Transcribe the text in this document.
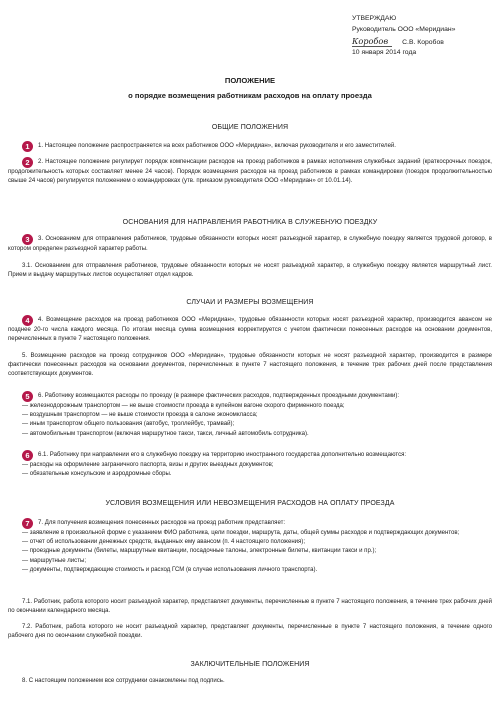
УТВЕРЖДАЮ
Руководитель ООО «Меридиан»
Коробов	С.В. Коробов
10 января 2014 года
ПОЛОЖЕНИЕ
о порядке возмещения работникам расходов на оплату проезда
ОБЩИЕ ПОЛОЖЕНИЯ
1 1. Настоящее положение распространяется на всех работников ООО «Меридиан», включая руководителя и его заместителей.
2 2. Настоящее положение регулирует порядок компенсации расходов на проезд работников в рамках исполнения служебных заданий (краткосрочных поездок, продолжительность которых составляет менее 24 часов). Порядок возмещения расходов на проезд работников в рамках командировки (поездок продолжительностью свыше 24 часов) регулируется положением о командировках (утв. приказом руководителя ООО «Меридиан» от 10.01.14).
ОСНОВАНИЯ ДЛЯ НАПРАВЛЕНИЯ РАБОТНИКА В СЛУЖЕБНУЮ ПОЕЗДКУ
3 3. Основанием для отправления работников, трудовые обязанности которых носят разъездной характер, в служебную поездку является трудовой договор, в котором определен разъездной характер работы.
3.1. Основанием для отправления работников, трудовые обязанности которых не носят разъездной характер, в служебную поездку является маршрутный лист. Прием и выдачу маршрутных листов осуществляет отдел кадров.
СЛУЧАИ И РАЗМЕРЫ ВОЗМЕЩЕНИЯ
4 4. Возмещение расходов на проезд работников ООО «Меридиан», трудовые обязанности которых носят разъездной характер, производится авансом не позднее 20-го числа каждого месяца. По итогам месяца сумма возмещения корректируется с учетом фактически понесенных расходов на основании документов, перечисленных в пункте 7 настоящего положения.
5. Возмещение расходов на проезд сотрудников ООО «Меридиан», трудовые обязанности которых не носят разъездной характер, производится в размере фактически понесенных расходов на основании документов, перечисленных в пункте 7 настоящего положения, в течение трех рабочих дней после представления соответствующих документов.
5 6. Работнику возмещаются расходы по проезду (в размере фактических расходов, подтвержденных проездными документами):
— железнодорожным транспортом — не выше стоимости проезда в купейном вагоне скорого фирменного поезда;
— воздушным транспортом — не выше стоимости проезда в салоне экономкласса;
— иным транспортом общего пользования (автобус, троллейбус, трамвай);
— автомобильным транспортом (включая маршрутное такси, такси, личный автомобиль сотрудника).
6 6.1. Работнику при направлении его в служебную поездку на территорию иностранного государства дополнительно возмещаются:
— расходы на оформление заграничного паспорта, визы и других выездных документов;
— обязательные консульские и аэродромные сборы.
УСЛОВИЯ ВОЗМЕЩЕНИЯ ИЛИ НЕВОЗМЕЩЕНИЯ РАСХОДОВ НА ОПЛАТУ ПРОЕЗДА
7 7. Для получения возмещения понесенных расходов на проезд работник представляет:
— заявление в произвольной форме с указанием ФИО работника, цели поездки, маршрута, даты, общей суммы расходов и подтверждающих документов;
— отчет об использовании денежных средств, выданных ему авансом (п. 4 настоящего положения);
— проездные документы (билеты, маршрутные квитанции, посадочные талоны, электронные билеты, квитанции такси и пр.);
— маршрутные листы;
— документы, подтверждающие стоимость и расход ГСМ (в случае использования личного транспорта).
7.1. Работник, работа которого носит разъездной характер, представляет документы, перечисленные в пункте 7 настоящего положения, в течение трех рабочих дней по окончании календарного месяца.
7.2. Работник, работа которого не носит разъездной характер, представляет документы, перечисленные в пункте 7 настоящего положения, в течение одного рабочего дня по окончании служебной поездки.
ЗАКЛЮЧИТЕЛЬНЫЕ ПОЛОЖЕНИЯ
8. С настоящим положением все сотрудники ознакомлены под подпись.
